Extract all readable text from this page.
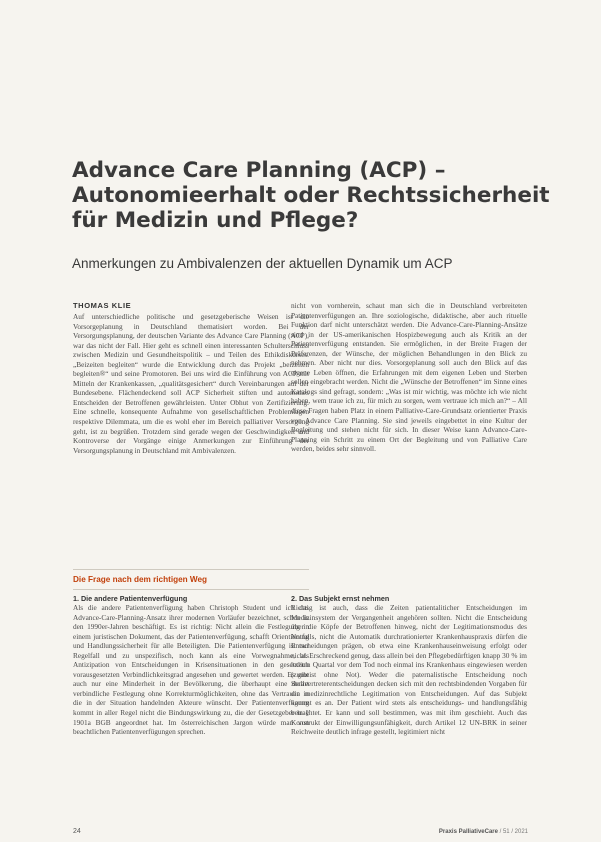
Advance Care Planning (ACP) –
Autonomieerhalt oder Rechtssicherheit
für Medizin und Pflege?

Anmerkungen zu Ambivalenzen der aktuellen Dynamik um ACP

THOMAS KLIE

Auf unterschiedliche politische und gesetzgeberische Weisen ist die Vorsorgeplanung in Deutschland thematisiert worden. Bei der Versorgungsplanung, der deutschen Variante des Advance Care Planning (ACP), war das nicht der Fall. Hier geht es schnell einen interessanten Schulterschluss zwischen Medizin und Gesundheitspolitik – und Teilen des Ethikdiskurses. „Beizeiten begleiten“ wurde die Entwicklung durch das Projekt „beizeiten begleiten®“ und seine Promotoren. Bei uns wird die Einführung von ACP mit Mitteln der Krankenkassen, „qualitätsgesichert“ durch Vereinbarungen auf der Bundesebene. Flächendeckend soll ACP Sicherheit stiften und autonomes Entscheiden der Betroffenen gewährleisten. Unter Obhut von Zertifizierung. Eine schnelle, konsequente Aufnahme von gesellschaftlichen Problemlagen respektive Dilemmata, um die es wohl eher im Bereich palliativer Versorgung geht, ist zu begrüßen. Trotzdem sind gerade wegen der Geschwindigkeit und Kontroverse der Vorgänge einige Anmerkungen zur Einführung der Versorgungsplanung in Deutschland mit Ambivalenzen.

nicht von vornherein, schaut man sich die in Deutschland verbreiteten Patientenverfügungen an. Ihre soziologische, didaktische, aber auch rituelle Funktion darf nicht unterschätzt werden. Die Advance-Care-Planning-Ansätze sind in der US-amerikanischen Hospizbewegung auch als Kritik an der Patientenverfügung entstanden. Sie ermöglichen, in der Breite Fragen der Präferenzen, der Wünsche, der möglichen Behandlungen in den Blick zu nehmen. Aber nicht nur dies. Vorsorgeplanung soll auch den Blick auf das eigene Leben öffnen, die Erfahrungen mit dem eigenen Leben und Sterben sollen eingebracht werden. Nicht die „Wünsche der Betroffenen“ im Sinne eines Katalogs sind gefragt, sondern: „Was ist mir wichtig, was möchte ich wie nicht haben, wem traue ich zu, für mich zu sorgen, wem vertraue ich mich an?“ – All diese Fragen haben Platz in einem Palliative-Care-Grundsatz orientierter Praxis von Advance Care Planning. Sie sind jeweils eingebettet in eine Kultur der Begleitung und stehen nicht für sich. In dieser Weise kann Advance-Care-Planning ein Schritt zu einem Ort der Begleitung und von Palliative Care werden, beides sehr sinnvoll.

Die Frage nach dem richtigen Weg
1. Die andere Patientenverfügung

Als die andere Patientenverfügung haben Christoph Student und ich das Advance-Care-Planning-Ansatz ihrer modernen Vorläufer bezeichnet, schon in den 1990er-Jahren beschäftigt. Es ist richtig: Nicht allein die Festlegung in einem juristischen Dokument, das der Patientenverfügung, schafft Orientierung und Handlungssicherheit für alle Beteiligten. Die Patientenverfügung ist nur Regelfall und zu unspezifisch, noch kann als eine Vorwegnahme, als Antizipation von Entscheidungen in Krisensituationen in den gesetzlich vorausgesetzten Verbindlichkeitsgrad angesehen und gewertet werden. Es gibt auch nur eine Minderheit in der Bevölkerung, die überhaupt eine derart verbindliche Festlegung ohne Korrekturmöglichkeiten, ohne das Vertrauen in die in der Situation handelnden Akteure wünscht. Der Patientenverfügung kommt in aller Regel nicht die Bindungswirkung zu, die der Gesetzgeber in § 1901a BGB angeordnet hat. Im österreichischen Jargon würde man von beachtlichen Patientenverfügungen sprechen.

2. Das Subjekt ernst nehmen

Richtig ist auch, dass die Zeiten patientaliticher Entscheidungen im Medizinsystem der Vergangenheit angehören sollten. Nicht die Entscheidung über die Köpfe der Betroffenen hinweg, nicht der Legitimationsmodus des Notfalls, nicht die Automatik durchrationierter Krankenhauspraxis dürfen die Entscheidungen prägen, ob etwa eine Krankenhauseinweisung erfolgt oder nicht. Erschreckend genug, dass allein bei den Pflegebedürftigen knapp 30 % im letzten Quartal vor dem Tod noch einmal ins Krankenhaus eingewiesen werden (zumeist ohne Not). Weder die paternalistische Entscheidung noch Stellvertreterentscheidungen decken sich mit den rechtsbindenden Vorgaben für die medizinrechtliche Legitimation von Entscheidungen. Auf das Subjekt kommt es an. Der Patient wird stets als entscheidungs- und handlungsfähig betrachtet. Er kann und soll bestimmen, was mit ihm geschieht. Auch das Konstrukt der Einwilligungsunfähigkeit, durch Artikel 12 UN-BRK in seiner Reichweite deutlich infrage gestellt, legitimiert nicht

24	Praxis PalliativeCare / 51 / 2021
